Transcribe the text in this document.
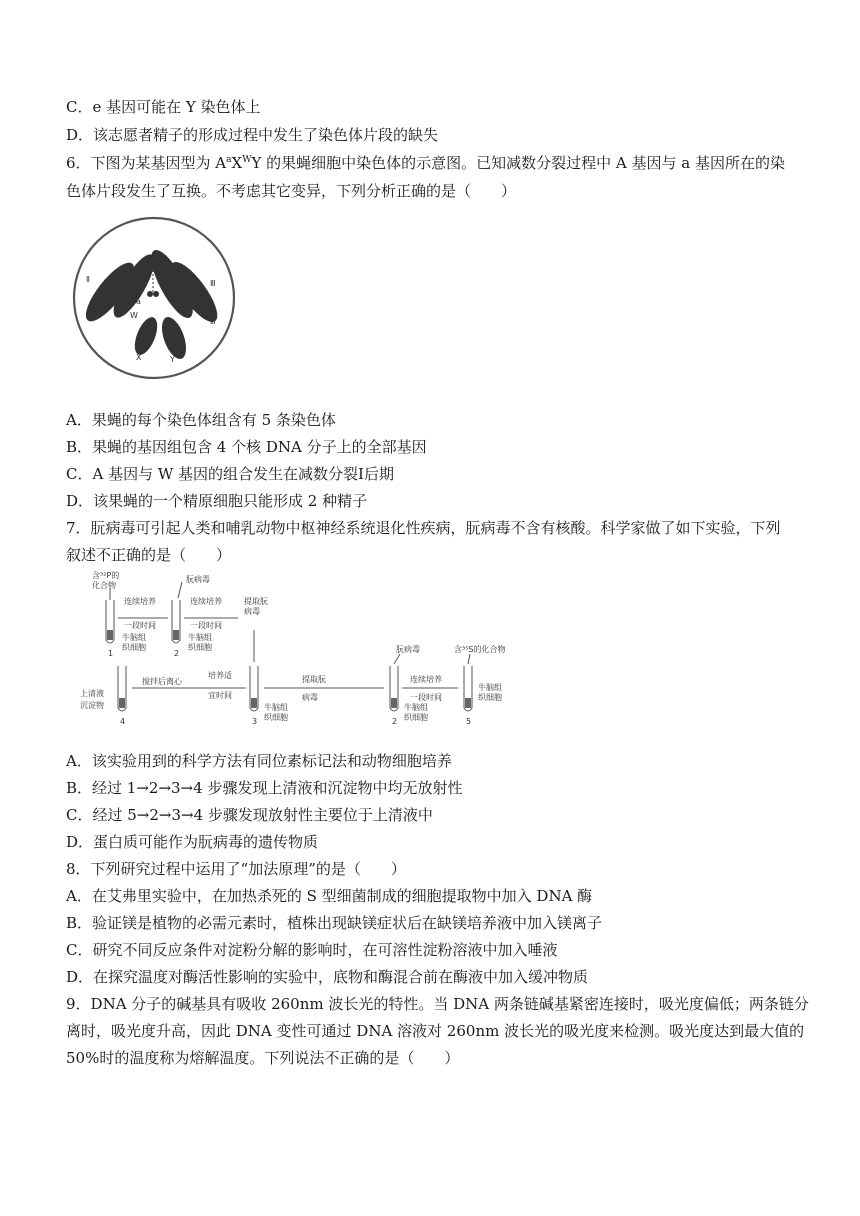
C．e 基因可能在 Y 染色体上
D．该志愿者精子的形成过程中发生了染色体片段的缺失
6．下图为某基因型为 $A^aX^WY$ 的果蝇细胞中染色体的示意图。已知减数分裂过程中 A 基因与 a 基因所在的染
色体片段发生了互换。不考虑其它变异，下列分析正确的是（　　）
Ⅳ
Ⅱ
Ⅱ
Ⅲ
Ⅲ
A	a
W
X	Y
A．果蝇的每个染色体组含有 5 条染色体
B．果蝇的基因组包含 4 个核 DNA 分子上的全部基因
C．A 基因与 W 基因的组合发生在减数分裂Ⅰ后期
D．该果蝇的一个精原细胞只能形成 2 种精子
7．朊病毒可引起人类和哺乳动物中枢神经系统退化性疾病，朊病毒不含有核酸。科学家做了如下实验，下列
叙述不正确的是（　　）
含³²P的
化合物
朊病毒
连续培养
一段时间
连续培养
一段时间
提取朊
病毒
牛脑组
织细胞
牛脑组
织细胞
1	2
搅拌后离心
培养适
宜时间
提取朊
病毒
连续培养
一段时间
朊病毒	含³⁵S的化合物
上清液
沉淀物
4	3	2	5
牛脑组
织细胞
牛脑组
织细胞
牛脑组
织细胞
A．该实验用到的科学方法有同位素标记法和动物细胞培养
B．经过 1→2→3→4 步骤发现上清液和沉淀物中均无放射性
C．经过 5→2→3→4 步骤发现放射性主要位于上清液中
D．蛋白质可能作为朊病毒的遗传物质
8．下列研究过程中运用了“加法原理”的是（　　）
A．在艾弗里实验中，在加热杀死的 S 型细菌制成的细胞提取物中加入 DNA 酶
B．验证镁是植物的必需元素时，植株出现缺镁症状后在缺镁培养液中加入镁离子
C．研究不同反应条件对淀粉分解的影响时，在可溶性淀粉溶液中加入唾液
D．在探究温度对酶活性影响的实验中，底物和酶混合前在酶液中加入缓冲物质
9．DNA 分子的碱基具有吸收 260nm 波长光的特性。当 DNA 两条链碱基紧密连接时，吸光度偏低；两条链分
离时，吸光度升高，因此 DNA 变性可通过 DNA 溶液对 260nm 波长光的吸光度来检测。吸光度达到最大值的
50%时的温度称为熔解温度。下列说法不正确的是（　　）
